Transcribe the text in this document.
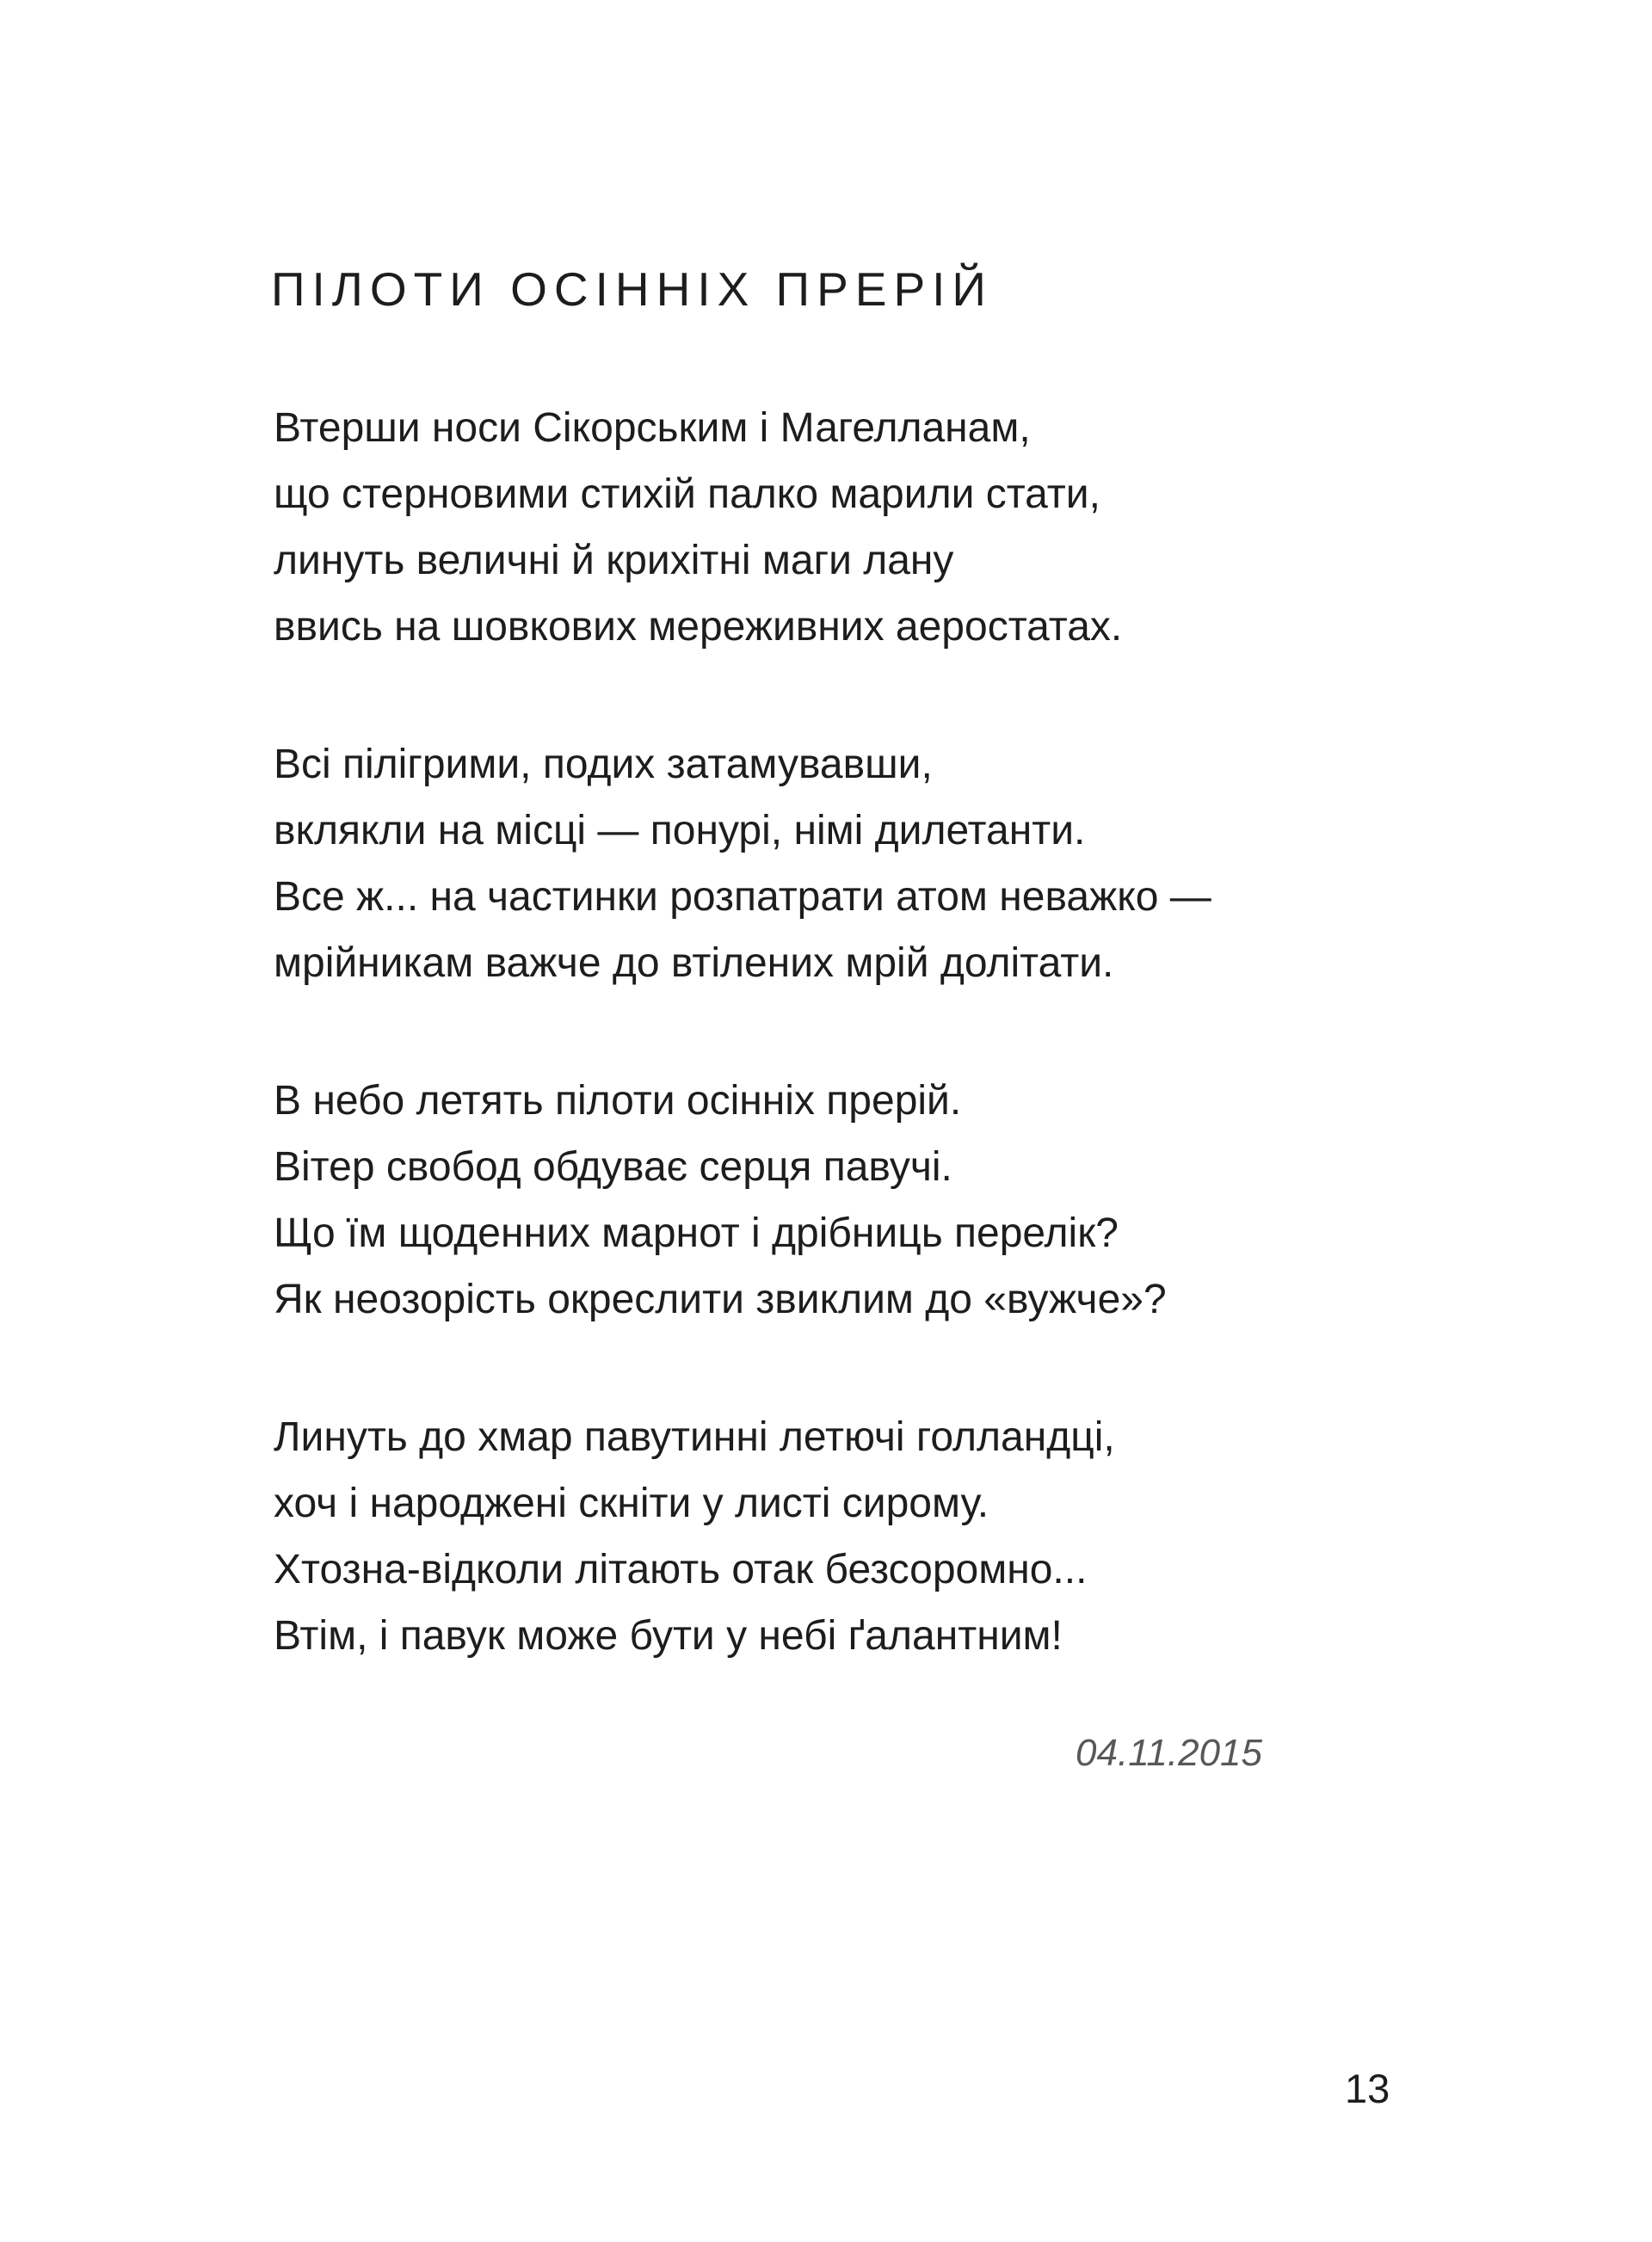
ПІЛОТИ ОСІННІХ ПРЕРІЙ
Втерши носи Сікорським і Магелланам,
що стерновими стихій палко марили стати,
линуть величні й крихітні маги лану
ввись на шовкових мереживних аеростатах.
Всі пілігрими, подих затамувавши,
вклякли на місці — понурі, німі дилетанти.
Все ж... на частинки розпатрати атом неважко —
мрійникам важче до втілених мрій долітати.
В небо летять пілоти осінніх прерій.
Вітер свобод обдуває серця павучі.
Що їм щоденних марнот і дрібниць перелік?
Як неозорість окреслити звиклим до «вужче»?
Линуть до хмар павутинні летючі голландці,
хоч і народжені скніти у листі сирому.
Хтозна-відколи літають отак безсоромно...
Втім, і павук може бути у небі ґалантним!
04.11.2015
13
